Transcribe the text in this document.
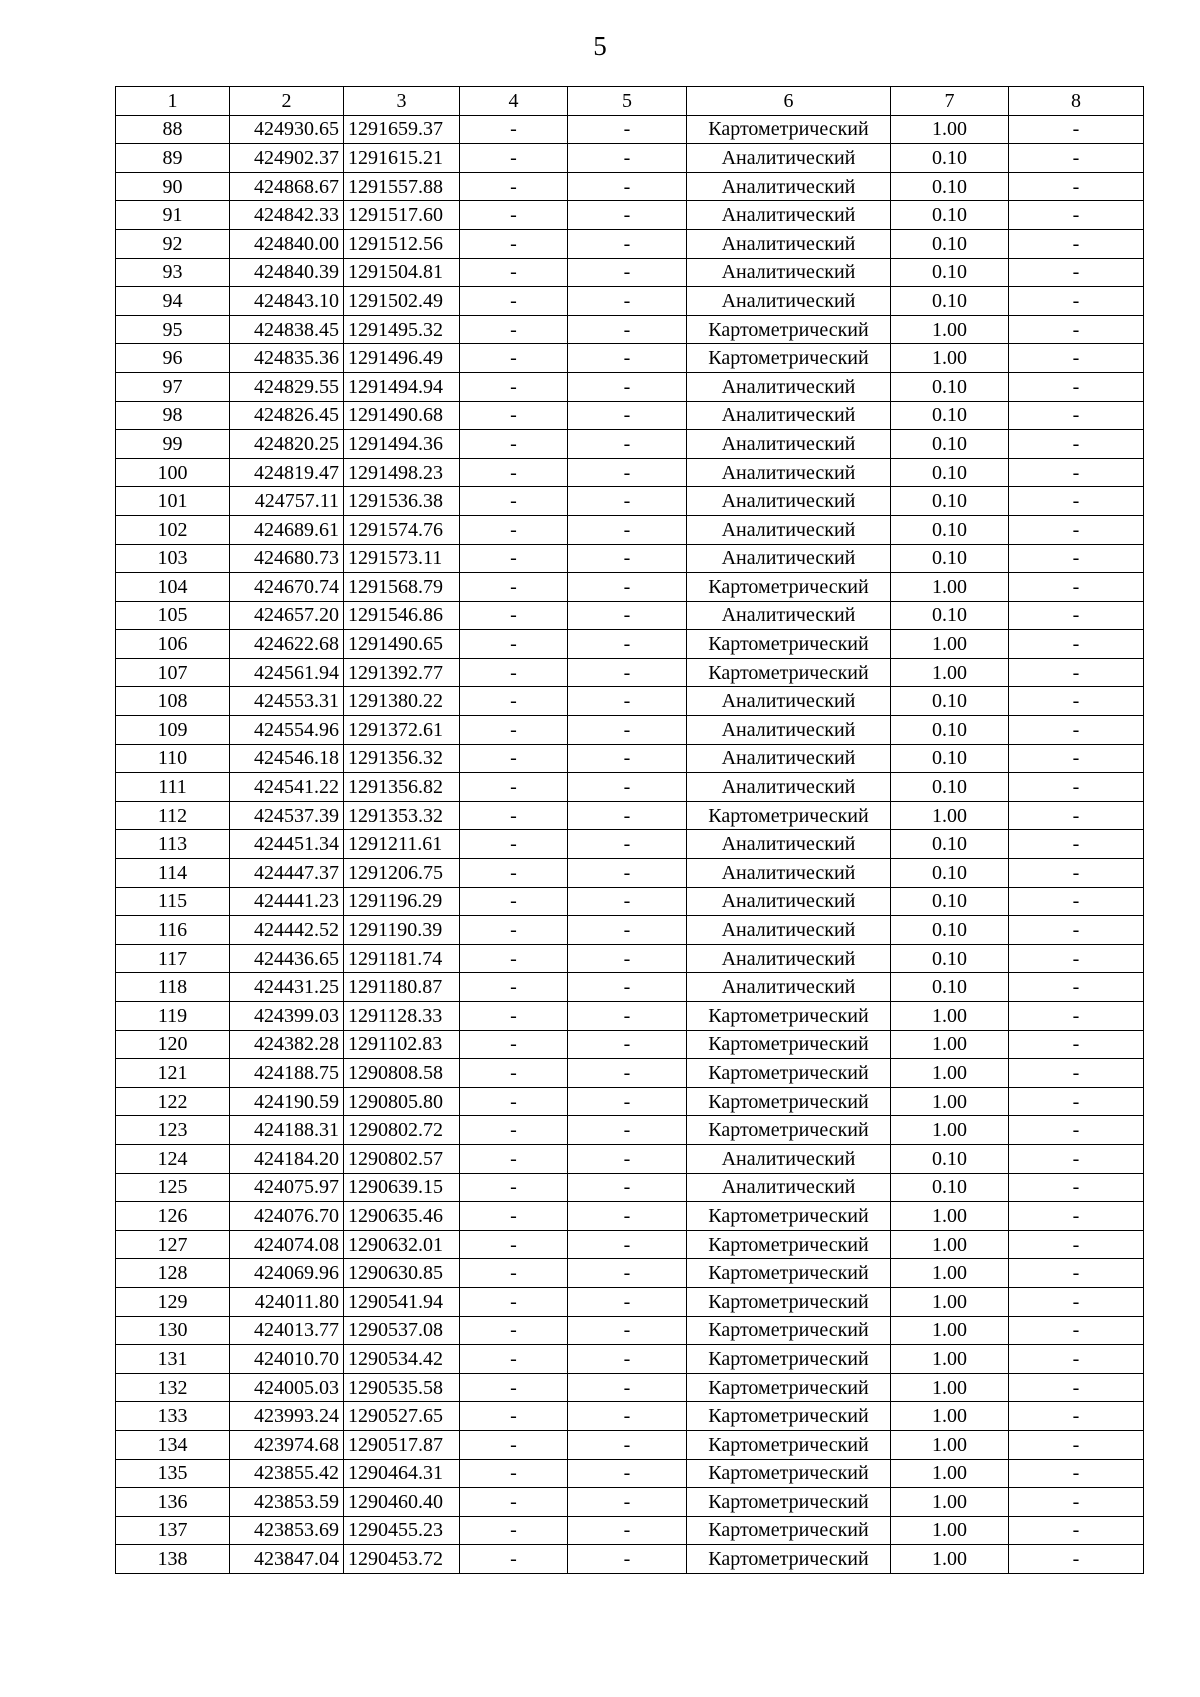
5
1	2	3	4	5	6	7	8
88	424930.65	1291659.37	-	-	Картометрический	1.00	-
89	424902.37	1291615.21	-	-	Аналитический	0.10	-
90	424868.67	1291557.88	-	-	Аналитический	0.10	-
91	424842.33	1291517.60	-	-	Аналитический	0.10	-
92	424840.00	1291512.56	-	-	Аналитический	0.10	-
93	424840.39	1291504.81	-	-	Аналитический	0.10	-
94	424843.10	1291502.49	-	-	Аналитический	0.10	-
95	424838.45	1291495.32	-	-	Картометрический	1.00	-
96	424835.36	1291496.49	-	-	Картометрический	1.00	-
97	424829.55	1291494.94	-	-	Аналитический	0.10	-
98	424826.45	1291490.68	-	-	Аналитический	0.10	-
99	424820.25	1291494.36	-	-	Аналитический	0.10	-
100	424819.47	1291498.23	-	-	Аналитический	0.10	-
101	424757.11	1291536.38	-	-	Аналитический	0.10	-
102	424689.61	1291574.76	-	-	Аналитический	0.10	-
103	424680.73	1291573.11	-	-	Аналитический	0.10	-
104	424670.74	1291568.79	-	-	Картометрический	1.00	-
105	424657.20	1291546.86	-	-	Аналитический	0.10	-
106	424622.68	1291490.65	-	-	Картометрический	1.00	-
107	424561.94	1291392.77	-	-	Картометрический	1.00	-
108	424553.31	1291380.22	-	-	Аналитический	0.10	-
109	424554.96	1291372.61	-	-	Аналитический	0.10	-
110	424546.18	1291356.32	-	-	Аналитический	0.10	-
111	424541.22	1291356.82	-	-	Аналитический	0.10	-
112	424537.39	1291353.32	-	-	Картометрический	1.00	-
113	424451.34	1291211.61	-	-	Аналитический	0.10	-
114	424447.37	1291206.75	-	-	Аналитический	0.10	-
115	424441.23	1291196.29	-	-	Аналитический	0.10	-
116	424442.52	1291190.39	-	-	Аналитический	0.10	-
117	424436.65	1291181.74	-	-	Аналитический	0.10	-
118	424431.25	1291180.87	-	-	Аналитический	0.10	-
119	424399.03	1291128.33	-	-	Картометрический	1.00	-
120	424382.28	1291102.83	-	-	Картометрический	1.00	-
121	424188.75	1290808.58	-	-	Картометрический	1.00	-
122	424190.59	1290805.80	-	-	Картометрический	1.00	-
123	424188.31	1290802.72	-	-	Картометрический	1.00	-
124	424184.20	1290802.57	-	-	Аналитический	0.10	-
125	424075.97	1290639.15	-	-	Аналитический	0.10	-
126	424076.70	1290635.46	-	-	Картометрический	1.00	-
127	424074.08	1290632.01	-	-	Картометрический	1.00	-
128	424069.96	1290630.85	-	-	Картометрический	1.00	-
129	424011.80	1290541.94	-	-	Картометрический	1.00	-
130	424013.77	1290537.08	-	-	Картометрический	1.00	-
131	424010.70	1290534.42	-	-	Картометрический	1.00	-
132	424005.03	1290535.58	-	-	Картометрический	1.00	-
133	423993.24	1290527.65	-	-	Картометрический	1.00	-
134	423974.68	1290517.87	-	-	Картометрический	1.00	-
135	423855.42	1290464.31	-	-	Картометрический	1.00	-
136	423853.59	1290460.40	-	-	Картометрический	1.00	-
137	423853.69	1290455.23	-	-	Картометрический	1.00	-
138	423847.04	1290453.72	-	-	Картометрический	1.00	-
